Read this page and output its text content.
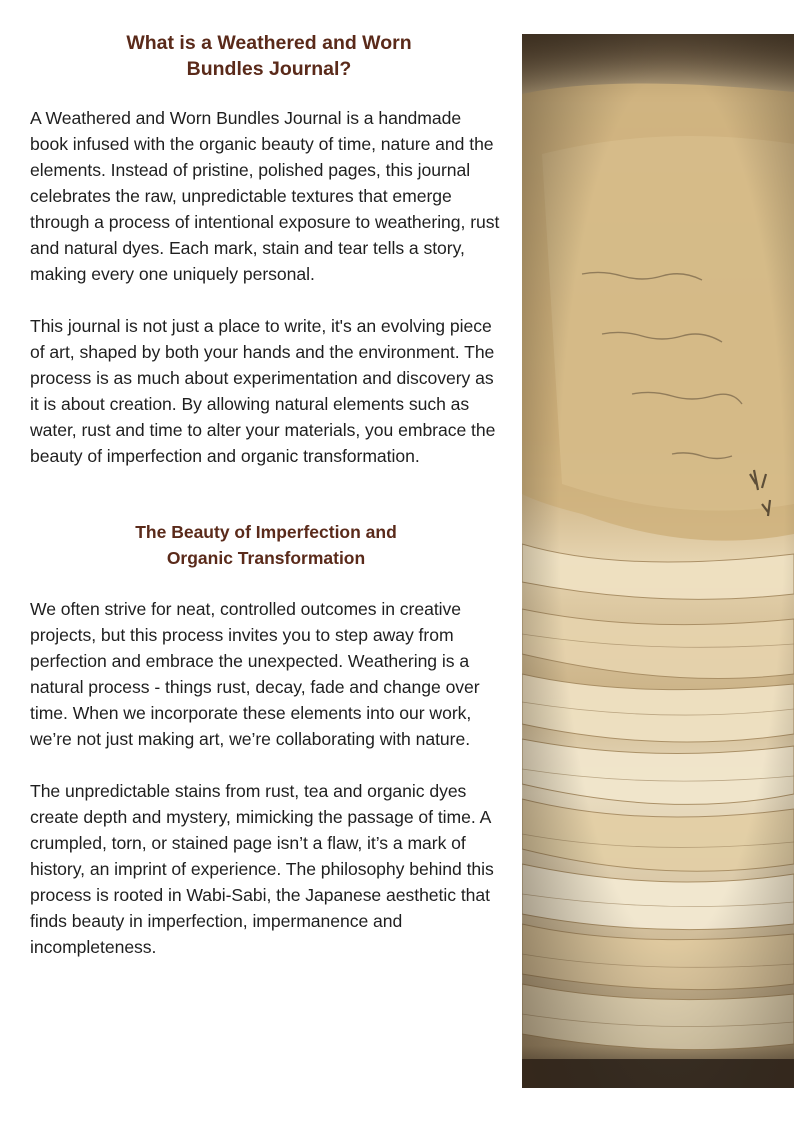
What is a Weathered and Worn
Bundles Journal?

A Weathered and Worn Bundles Journal is a handmade book infused with the organic beauty of time, nature and the elements. Instead of pristine, polished pages, this journal celebrates the raw, unpredictable textures that emerge through a process of intentional exposure to weathering, rust and natural dyes. Each mark, stain and tear tells a story, making every one uniquely personal.

This journal is not just a place to write, it's an evolving piece of art, shaped by both your hands and the environment. The process is as much about experimentation and discovery as it is about creation. By allowing natural elements such as water, rust and time to alter your materials, you embrace the beauty of imperfection and organic transformation.

The Beauty of Imperfection and
Organic Transformation

We often strive for neat, controlled outcomes in creative projects, but this process invites you to step away from perfection and embrace the unexpected. Weathering is a natural process - things rust, decay, fade and change over time. When we incorporate these elements into our work, we’re not just making art, we’re collaborating with nature.

The unpredictable stains from rust, tea and organic dyes create depth and mystery, mimicking the passage of time. A crumpled, torn, or stained page isn’t a flaw, it’s a mark of history, an imprint of experience. The philosophy behind this process is rooted in Wabi-Sabi, the Japanese aesthetic that finds beauty in imperfection, impermanence and incompleteness.
